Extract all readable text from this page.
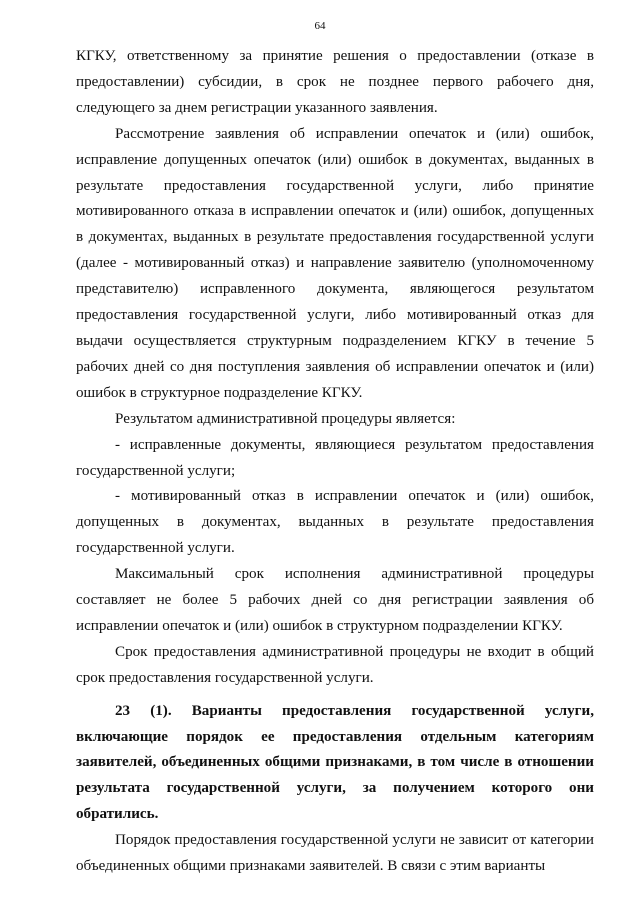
64

КГКУ, ответственному за принятие решения о предоставлении (отказе в предоставлении) субсидии, в срок не позднее первого рабочего дня, следующего за днем регистрации указанного заявления.

Рассмотрение заявления об исправлении опечаток и (или) ошибок, исправление допущенных опечаток (или) ошибок в документах, выданных в результате предоставления государственной услуги, либо принятие мотивированного отказа в исправлении опечаток и (или) ошибок, допущенных в документах, выданных в результате предоставления государственной услуги (далее - мотивированный отказ) и направление заявителю (уполномоченному представителю) исправленного документа, являющегося результатом предоставления государственной услуги, либо мотивированный отказ для выдачи осуществляется структурным подразделением КГКУ в течение 5 рабочих дней со дня поступления заявления об исправлении опечаток и (или) ошибок в структурное подразделение КГКУ.

Результатом административной процедуры является:

- исправленные документы, являющиеся результатом предоставления государственной услуги;

- мотивированный отказ в исправлении опечаток и (или) ошибок, допущенных в документах, выданных в результате предоставления государственной услуги.

Максимальный срок исполнения административной процедуры составляет не более 5 рабочих дней со дня регистрации заявления об исправлении опечаток и (или) ошибок в структурном подразделении КГКУ.

Срок предоставления административной процедуры не входит в общий срок предоставления государственной услуги.

23 (1). Варианты предоставления государственной услуги, включающие порядок ее предоставления отдельным категориям заявителей, объединенных общими признаками, в том числе в отношении результата государственной услуги, за получением которого они обратились.

Порядок предоставления государственной услуги не зависит от категории объединенных общими признаками заявителей. В связи с этим варианты
